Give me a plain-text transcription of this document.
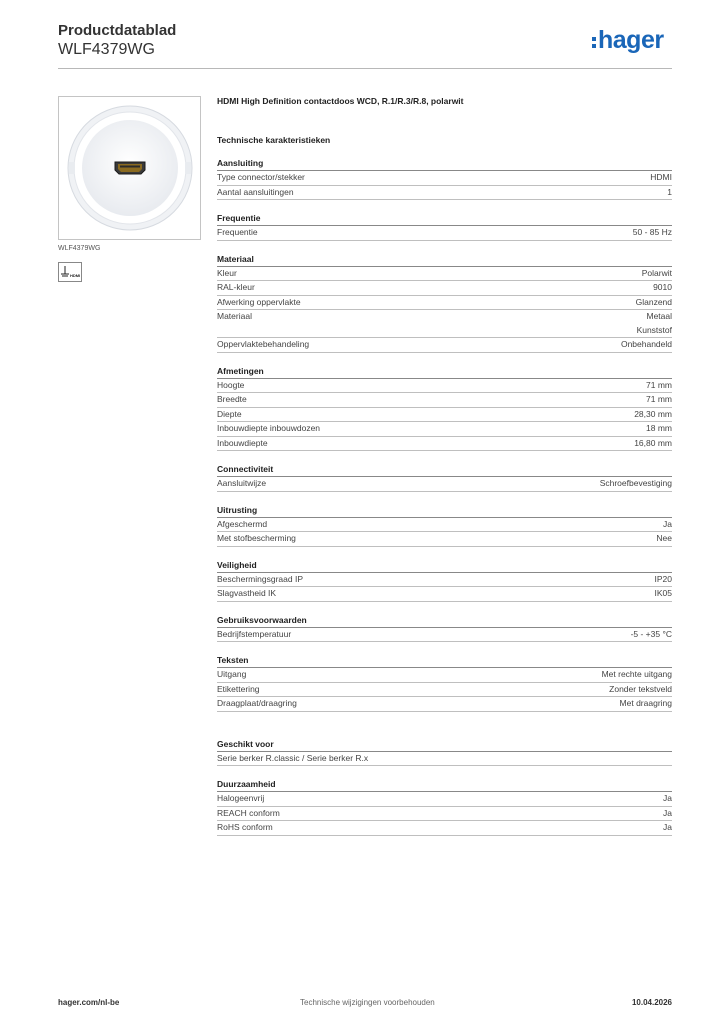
Productdatablad
WLF4379WG	hager
WLF4379WG
HDMI
HDMI High Definition contactdoos WCD, R.1/R.3/R.8, polarwit
Technische karakteristieken
Aansluiting
Type connector/stekker	HDMI
Aantal aansluitingen	1
Frequentie
Frequentie	50 - 85 Hz
Materiaal
Kleur	Polarwit
RAL-kleur	9010
Afwerking oppervlakte	Glanzend
Materiaal	Metaal
Kunststof
Oppervlaktebehandeling	Onbehandeld
Afmetingen
Hoogte	71 mm
Breedte	71 mm
Diepte	28,30 mm
Inbouwdiepte inbouwdozen	18 mm
Inbouwdiepte	16,80 mm
Connectiviteit
Aansluitwijze	Schroefbevestiging
Uitrusting
Afgeschermd	Ja
Met stofbescherming	Nee
Veiligheid
Beschermingsgraad IP	IP20
Slagvastheid IK	IK05
Gebruiksvoorwaarden
Bedrijfstemperatuur	-5 - +35 °C
Teksten
Uitgang	Met rechte uitgang
Etikettering	Zonder tekstveld
Draagplaat/draagring	Met draagring
Geschikt voor
Serie berker R.classic / Serie berker R.x
Duurzaamheid
Halogeenvrij	Ja
REACH conform	Ja
RoHS conform	Ja
hager.com/nl-be	Technische wijzigingen voorbehouden	10.04.2026
